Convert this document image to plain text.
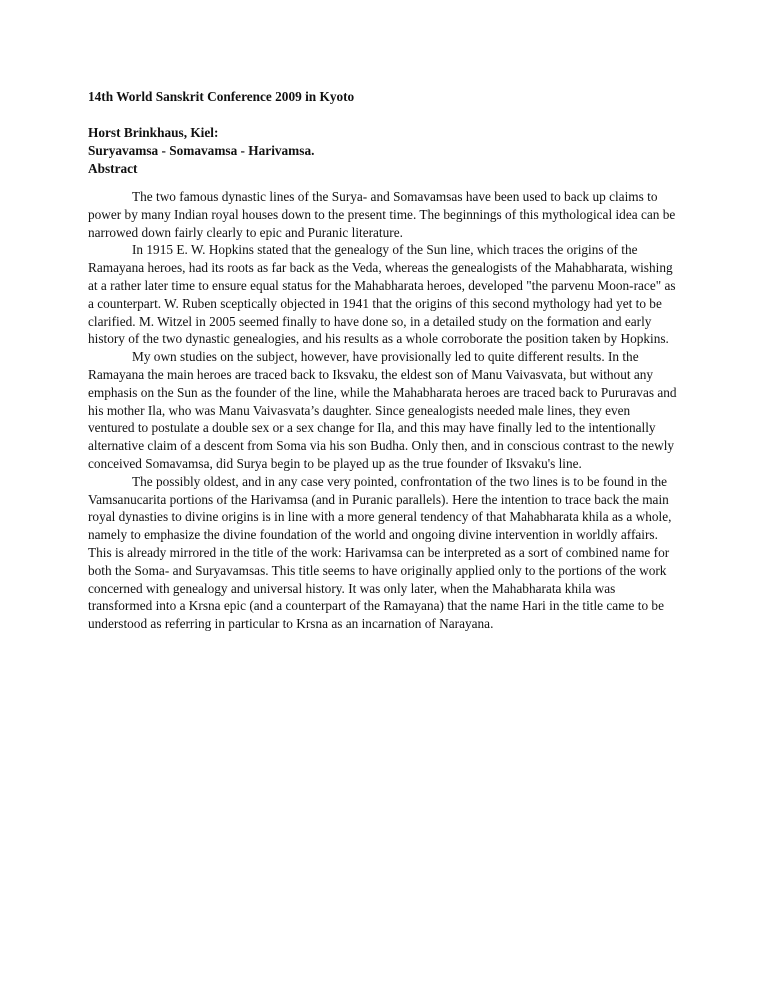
14th World Sanskrit Conference 2009 in Kyoto

Horst Brinkhaus, Kiel:

Suryavamsa - Somavamsa - Harivamsa.

Abstract

The two famous dynastic lines of the Surya- and Somavamsas have been used to back up claims to power by many Indian royal houses down to the present time. The beginnings of this mythological idea can be narrowed down fairly clearly to epic and Puranic literature.

In 1915 E. W. Hopkins stated that the genealogy of the Sun line, which traces the origins of the Ramayana heroes, had its roots as far back as the Veda, whereas the genealogists of the Mahabharata, wishing at a rather later time to ensure equal status for the Mahabharata heroes, developed "the parvenu Moon-race" as a counterpart. W. Ruben sceptically objected in 1941 that the origins of this second mythology had yet to be clarified. M. Witzel in 2005 seemed finally to have done so, in a detailed study on the formation and early history of the two dynastic genealogies, and his results as a whole corroborate the position taken by Hopkins.

My own studies on the subject, however, have provisionally led to quite different results. In the Ramayana the main heroes are traced back to Iksvaku, the eldest son of Manu Vaivasvata, but without any emphasis on the Sun as the founder of the line, while the Mahabharata heroes are traced back to Pururavas and his mother Ila, who was Manu Vaivasvata’s daughter. Since genealogists needed male lines, they even ventured to postulate a double sex or a sex change for Ila, and this may have finally led to the intentionally alternative claim of a descent from Soma via his son Budha. Only then, and in conscious contrast to the newly conceived Somavamsa, did Surya begin to be played up as the true founder of Iksvaku's line.

The possibly oldest, and in any case very pointed, confrontation of the two lines is to be found in the Vamsanucarita portions of the Harivamsa (and in Puranic parallels). Here the intention to trace back the main royal dynasties to divine origins is in line with a more general tendency of that Mahabharata khila as a whole, namely to emphasize the divine foundation of the world and ongoing divine intervention in worldly affairs. This is already mirrored in the title of the work: Harivamsa can be interpreted as a sort of combined name for both the Soma- and Suryavamsas. This title seems to have originally applied only to the portions of the work concerned with genealogy and universal history. It was only later, when the Mahabharata khila was transformed into a Krsna epic (and a counterpart of the Ramayana) that the name Hari in the title came to be understood as referring in particular to Krsna as an incarnation of Narayana.
